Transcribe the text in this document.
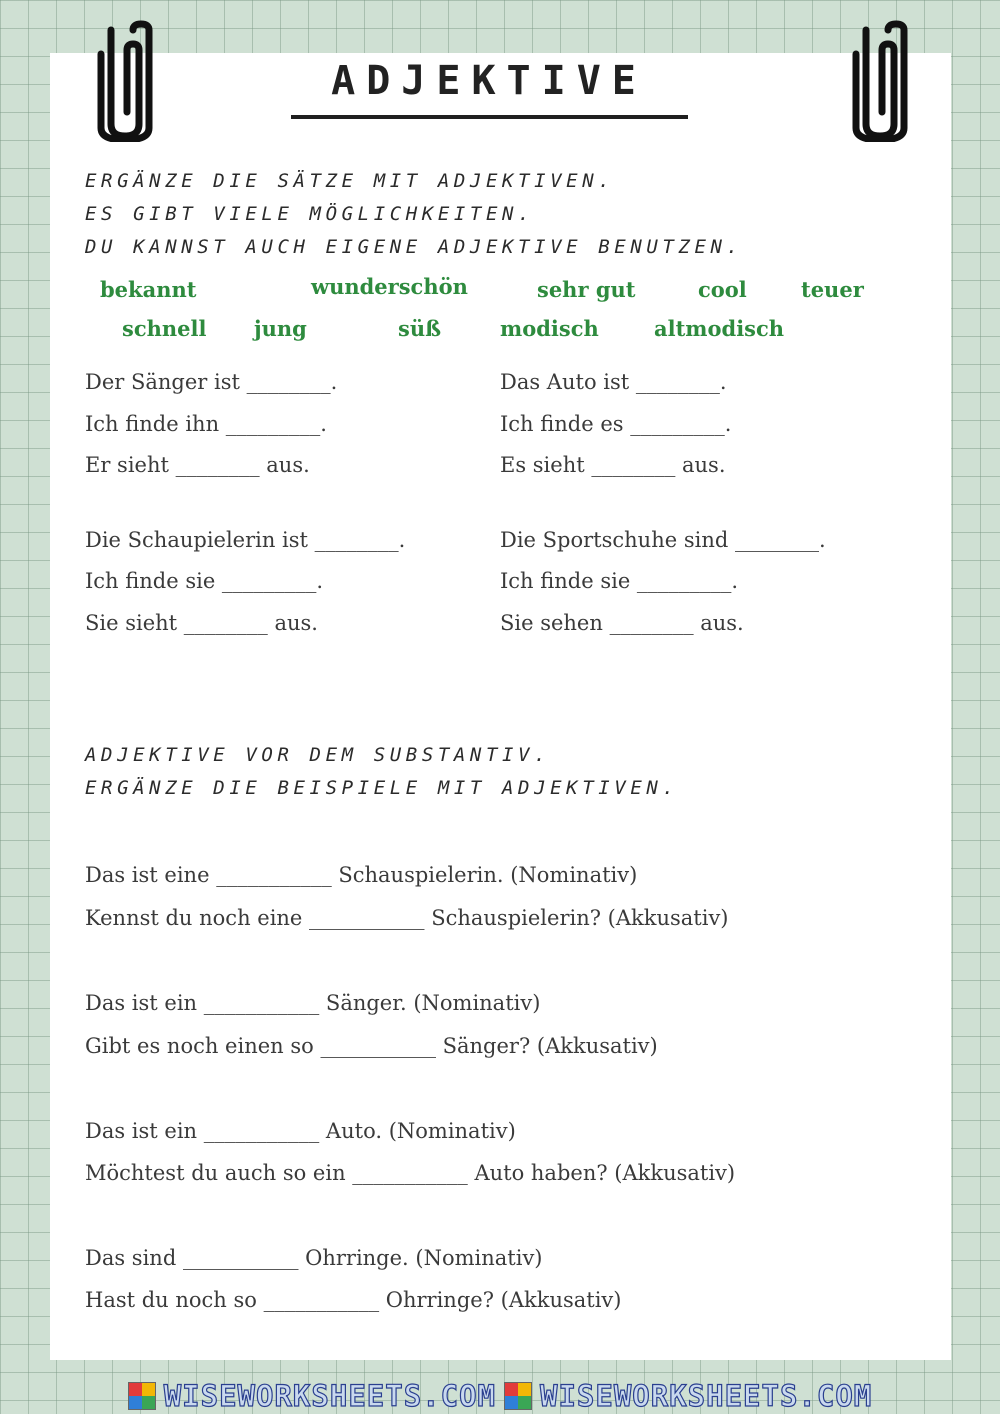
ADJEKTIVE

ERGÄNZE DIE SÄTZE MIT ADJEKTIVEN.

ES GIBT VIELE MÖGLICHKEITEN.

DU KANNST AUCH EIGENE ADJEKTIVE BENUTZEN.

bekannt	wunderschön	sehr gut	cool	teuer
schnell jung	süß	modisch	altmodisch
Der Sänger ist ________.
Ich finde ihn _________.
Er sieht ________ aus.
Die Schaupielerin ist ________.
Ich finde sie _________.
Sie sieht ________ aus.
Das Auto ist ________.
Ich finde es _________.
Es sieht ________ aus.
Die Sportschuhe sind ________.
Ich finde sie _________.
Sie sehen ________ aus.

ADJEKTIVE VOR DEM SUBSTANTIV.

ERGÄNZE DIE BEISPIELE MIT ADJEKTIVEN.

Das ist eine ___________ Schauspielerin. (Nominativ)
Kennst du noch eine ___________ Schauspielerin? (Akkusativ)
Das ist ein ___________ Sänger. (Nominativ)
Gibt es noch einen so ___________ Sänger? (Akkusativ)
Das ist ein ___________ Auto. (Nominativ)
Möchtest du auch so ein ___________ Auto haben? (Akkusativ)
Das sind ___________ Ohrringe. (Nominativ)
Hast du noch so ___________ Ohrringe? (Akkusativ)
WISEWORKSHEETS.COM WISEWORKSHEETS.COM
